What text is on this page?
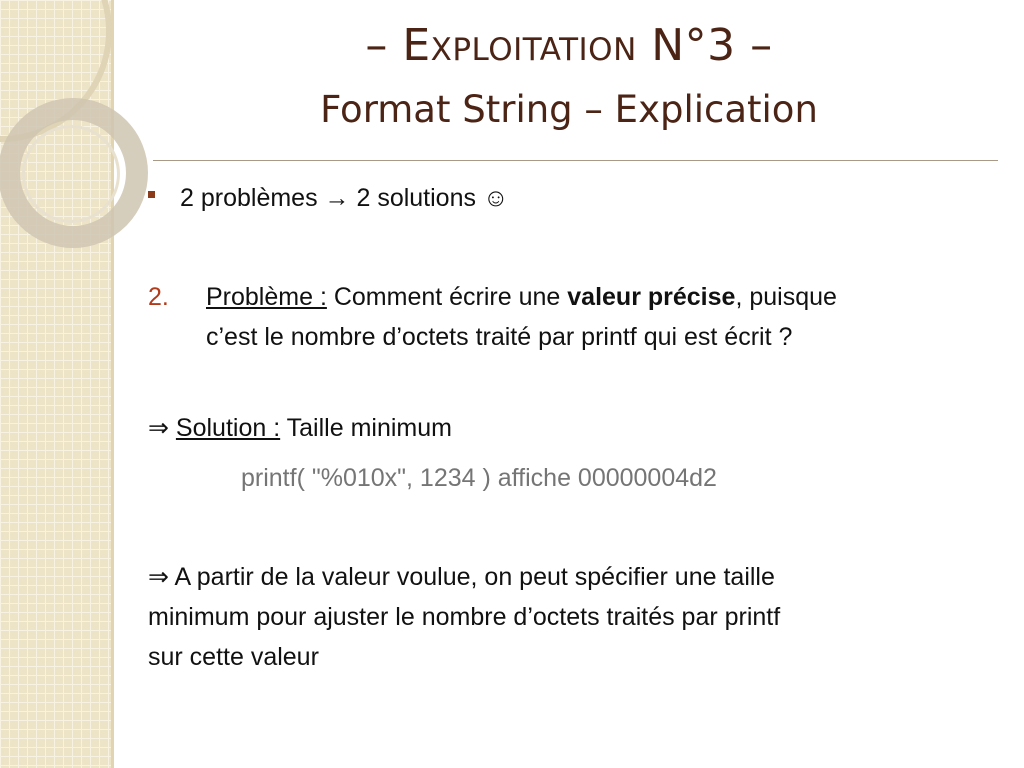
– Exploitation N°3 –
Format String – Explication
2 problèmes → 2 solutions ☺
2. Problème : Comment écrire une valeur précise, puisque
c’est le nombre d’octets traité par printf qui est écrit ?
⇒ Solution : Taille minimum
printf( "%010x", 1234 ) affiche 00000004d2
⇒ A partir de la valeur voulue, on peut spécifier une taille
minimum pour ajuster le nombre d’octets traités par printf
sur cette valeur
